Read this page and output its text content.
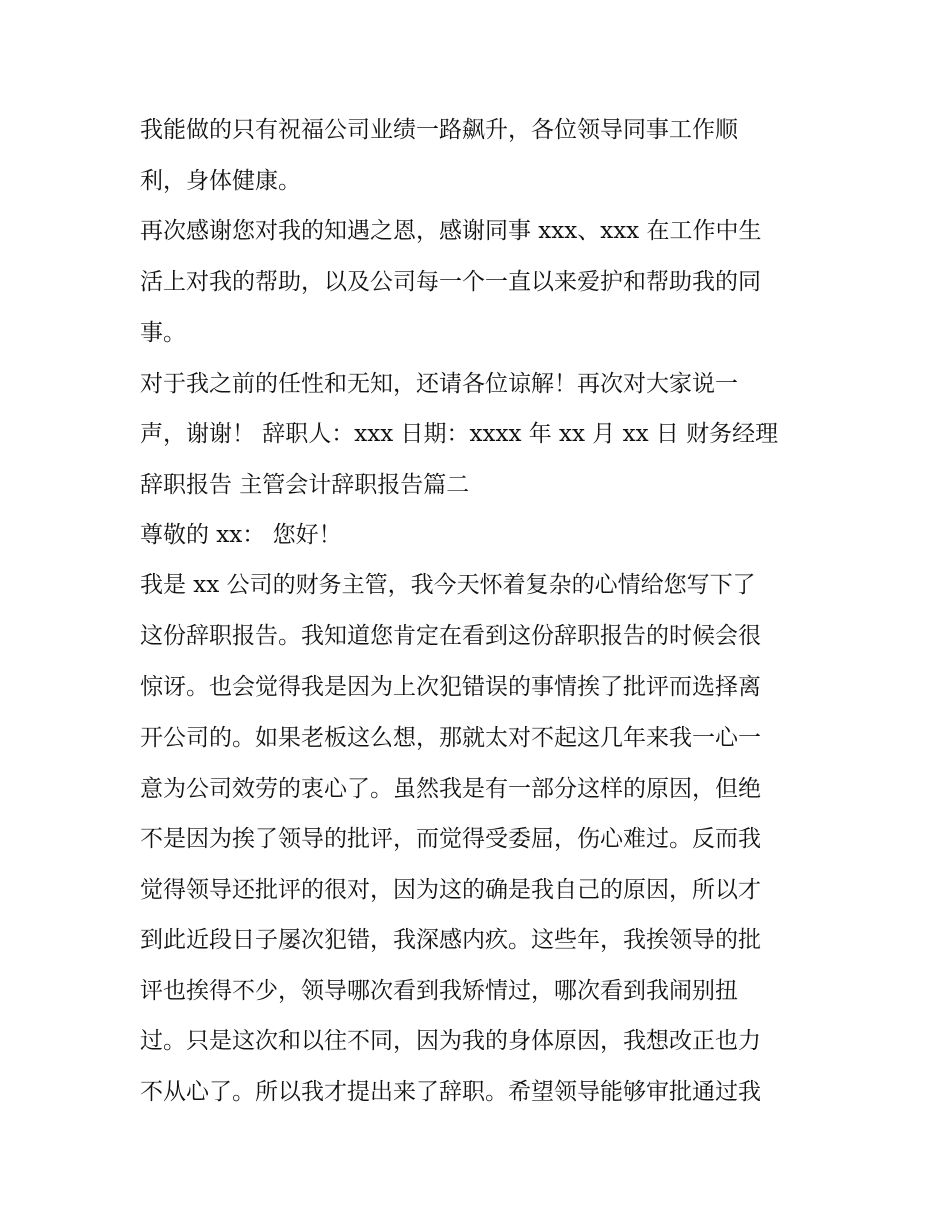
我能做的只有祝福公司业绩一路飙升，各位领导同事工作顺
利，身体健康。
再次感谢您对我的知遇之恩，感谢同事 xxx、xxx 在工作中生
活上对我的帮助，以及公司每一个一直以来爱护和帮助我的同
事。
对于我之前的任性和无知，还请各位谅解！再次对大家说一
声，谢谢！ 辞职人：xxx 日期：xxxx 年 xx 月 xx 日 财务经理
辞职报告 主管会计辞职报告篇二
尊敬的 xx： 您好！
我是 xx 公司的财务主管，我今天怀着复杂的心情给您写下了
这份辞职报告。我知道您肯定在看到这份辞职报告的时候会很
惊讶。也会觉得我是因为上次犯错误的事情挨了批评而选择离
开公司的。如果老板这么想，那就太对不起这几年来我一心一
意为公司效劳的衷心了。虽然我是有一部分这样的原因，但绝
不是因为挨了领导的批评，而觉得受委屈，伤心难过。反而我
觉得领导还批评的很对，因为这的确是我自己的原因，所以才
到此近段日子屡次犯错，我深感内疚。这些年，我挨领导的批
评也挨得不少，领导哪次看到我矫情过，哪次看到我闹别扭
过。只是这次和以往不同，因为我的身体原因，我想改正也力
不从心了。所以我才提出来了辞职。希望领导能够审批通过我
